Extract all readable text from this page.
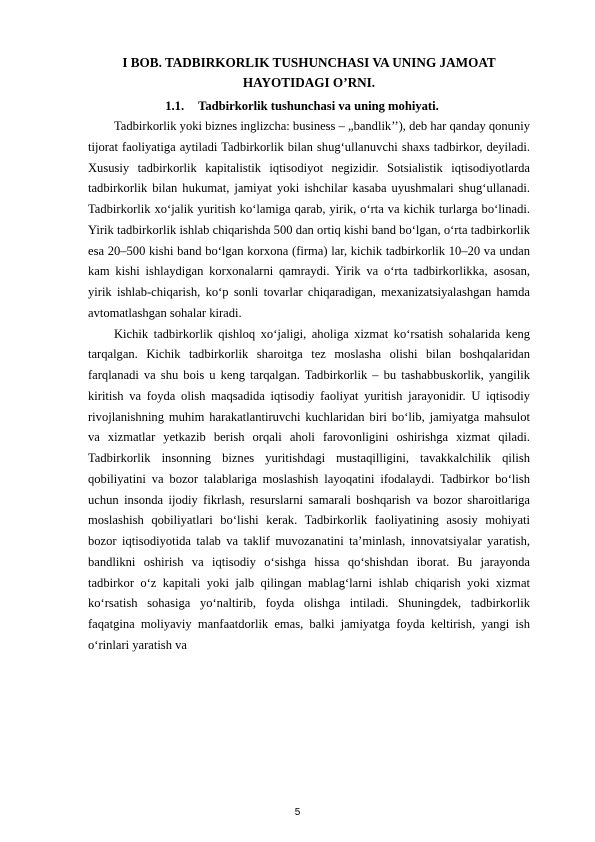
I BOB. TADBIRKORLIK TUSHUNCHASI VA UNING JAMOAT

HAYOTIDAGI O’RNI.

1.1. Tadbirkorlik tushunchasi va uning mohiyati.

Tadbirkorlik yoki biznes inglizcha: business – „bandlik’’), deb har qanday qonuniy tijorat faoliyatiga aytiladi Tadbirkorlik bilan shug‘ullanuvchi shaxs tadbirkor, deyiladi. Xususiy tadbirkorlik kapitalistik iqtisodiyot negizidir. Sotsialistik iqtisodiyotlarda tadbirkorlik bilan hukumat, jamiyat yoki ishchilar kasaba uyushmalari shug‘ullanadi. Tadbirkorlik xo‘jalik yuritish ko‘lamiga qarab, yirik, o‘rta va kichik turlarga bo‘linadi. Yirik tadbirkorlik ishlab chiqarishda 500 dan ortiq kishi band bo‘lgan, o‘rta tadbirkorlik esa 20–500 kishi band bo‘lgan korxona (firma) lar, kichik tadbirkorlik 10–20 va undan kam kishi ishlaydigan korxonalarni qamraydi. Yirik va o‘rta tadbirkorlikka, asosan, yirik ishlab-chiqarish, ko‘p sonli tovarlar chiqaradigan, mexanizatsiyalashgan hamda avtomatlashgan sohalar kiradi.

Kichik tadbirkorlik qishloq xo‘jaligi, aholiga xizmat ko‘rsatish sohalarida keng tarqalgan. Kichik tadbirkorlik sharoitga tez moslasha olishi bilan boshqalaridan farqlanadi va shu bois u keng tarqalgan. Tadbirkorlik – bu tashabbuskorlik, yangilik kiritish va foyda olish maqsadida iqtisodiy faoliyat yuritish jarayonidir. U iqtisodiy rivojlanishning muhim harakatlantiruvchi kuchlaridan biri bo‘lib, jamiyatga mahsulot va xizmatlar yetkazib berish orqali aholi farovonligini oshirishga xizmat qiladi. Tadbirkorlik insonning biznes yuritishdagi mustaqilligini, tavakkalchilik qilish qobiliyatini va bozor talablariga moslashish layoqatini ifodalaydi. Tadbirkor bo‘lish uchun insonda ijodiy fikrlash, resurslarni samarali boshqarish va bozor sharoitlariga moslashish qobiliyatlari bo‘lishi kerak. Tadbirkorlik faoliyatining asosiy mohiyati bozor iqtisodiyotida talab va taklif muvozanatini ta’minlash, innovatsiyalar yaratish, bandlikni oshirish va iqtisodiy o‘sishga hissa qo‘shishdan iborat. Bu jarayonda tadbirkor o‘z kapitali yoki jalb qilingan mablag‘larni ishlab chiqarish yoki xizmat ko‘rsatish sohasiga yo‘naltirib, foyda olishga intiladi. Shuningdek, tadbirkorlik faqatgina moliyaviy manfaatdorlik emas, balki jamiyatga foyda keltirish, yangi ish o‘rinlari yaratish va

5
